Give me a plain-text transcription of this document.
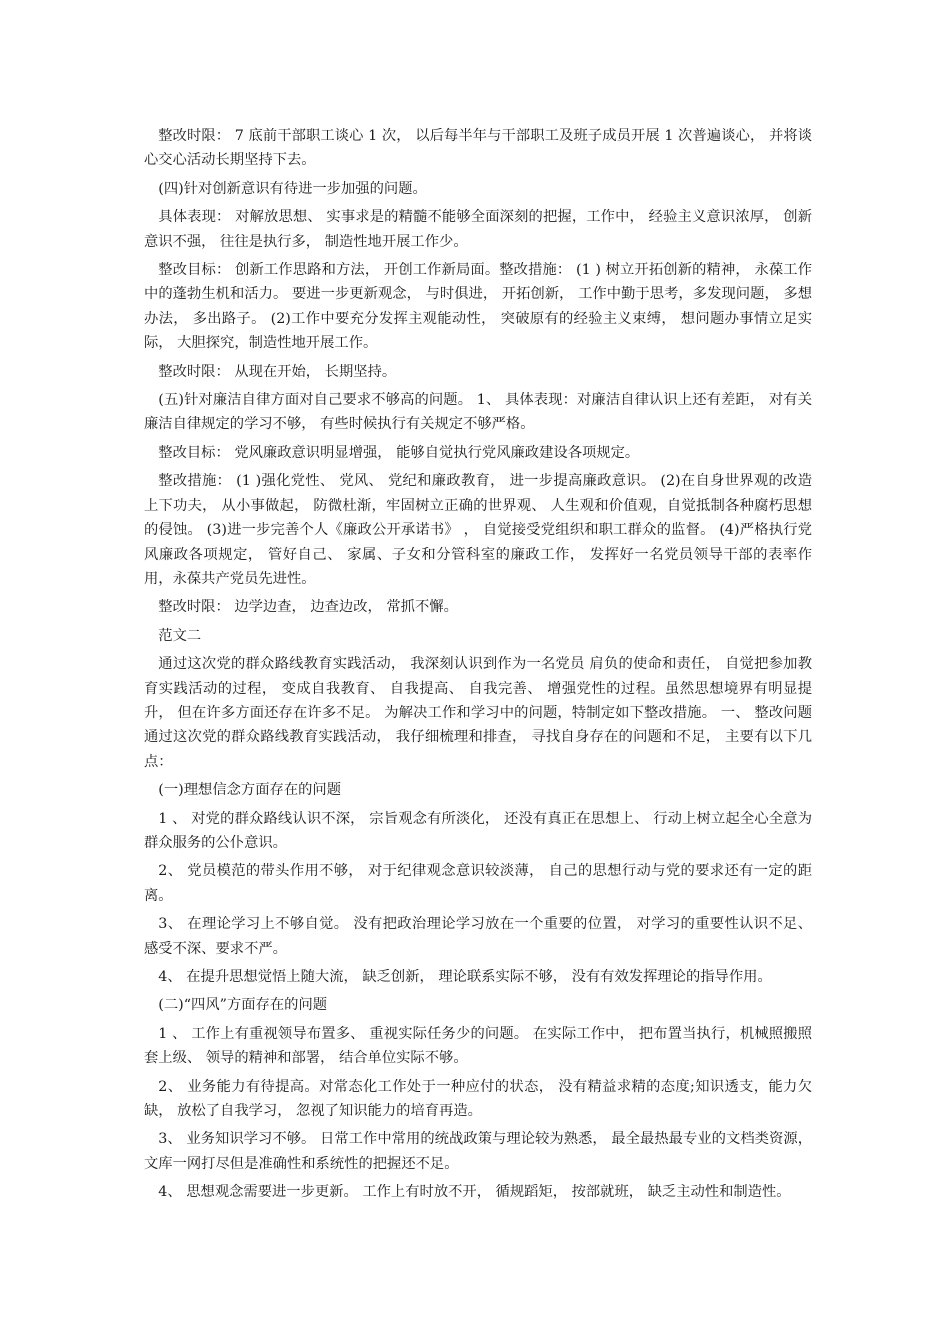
整改时限： 7 底前干部职工谈心 1 次， 以后每半年与干部职工及班子成员开展 1 次普遍谈心， 并将谈心交心活动长期坚持下去。

(四)针对创新意识有待进一步加强的问题。

具体表现： 对解放思想、 实事求是的精髓不能够全面深刻的把握，工作中， 经验主义意识浓厚， 创新意识不强， 往往是执行多， 制造性地开展工作少。

整改目标： 创新工作思路和方法， 开创工作新局面。整改措施： (1 ) 树立开拓创新的精神， 永葆工作中的蓬勃生机和活力。 要进一步更新观念， 与时俱进， 开拓创新， 工作中勤于思考，多发现问题， 多想办法， 多出路子。 (2)工作中要充分发挥主观能动性， 突破原有的经验主义束缚， 想问题办事情立足实际， 大胆探究，制造性地开展工作。

整改时限： 从现在开始， 长期坚持。

(五)针对廉洁自律方面对自己要求不够高的问题。 1、 具体表现：对廉洁自律认识上还有差距， 对有关廉洁自律规定的学习不够， 有些时候执行有关规定不够严格。

整改目标： 党风廉政意识明显增强， 能够自觉执行党风廉政建设各项规定。

整改措施： (1 )强化党性、 党风、 党纪和廉政教育， 进一步提高廉政意识。 (2)在自身世界观的改造上下功夫， 从小事做起， 防微杜渐，牢固树立正确的世界观、 人生观和价值观，自觉抵制各种腐朽思想的侵蚀。 (3)进一步完善个人《廉政公开承诺书》 ， 自觉接受党组织和职工群众的监督。 (4)严格执行党风廉政各项规定， 管好自己、 家属、子女和分管科室的廉政工作， 发挥好一名党员领导干部的表率作用，永葆共产党员先进性。

整改时限： 边学边查， 边查边改， 常抓不懈。

范文二

通过这次党的群众路线教育实践活动， 我深刻认识到作为一名党员 肩负的使命和责任， 自觉把参加教育实践活动的过程， 变成自我教育、 自我提高、 自我完善、 增强党性的过程。虽然思想境界有明显提升， 但在许多方面还存在许多不足。 为解决工作和学习中的问题，特制定如下整改措施。 一、 整改问题 通过这次党的群众路线教育实践活动， 我仔细梳理和排查， 寻找自身存在的问题和不足， 主要有以下几点：

(一)理想信念方面存在的问题

1 、 对党的群众路线认识不深， 宗旨观念有所淡化， 还没有真正在思想上、 行动上树立起全心全意为群众服务的公仆意识。

2、 党员模范的带头作用不够， 对于纪律观念意识较淡薄， 自己的思想行动与党的要求还有一定的距离。

3、 在理论学习上不够自觉。 没有把政治理论学习放在一个重要的位置， 对学习的重要性认识不足、 感受不深、要求不严。

4、 在提升思想觉悟上随大流， 缺乏创新， 理论联系实际不够， 没有有效发挥理论的指导作用。

(二)“四风”方面存在的问题

1 、 工作上有重视领导布置多、 重视实际任务少的问题。 在实际工作中， 把布置当执行，机械照搬照套上级、 领导的精神和部署， 结合单位实际不够。

2、 业务能力有待提高。对常态化工作处于一种应付的状态， 没有精益求精的态度;知识透支，能力欠缺， 放松了自我学习， 忽视了知识能力的培育再造。

3、 业务知识学习不够。 日常工作中常用的统战政策与理论较为熟悉， 最全最热最专业的文档类资源， 文库一网打尽但是准确性和系统性的把握还不足。

4、 思想观念需要进一步更新。 工作上有时放不开， 循规蹈矩， 按部就班， 缺乏主动性和制造性。
